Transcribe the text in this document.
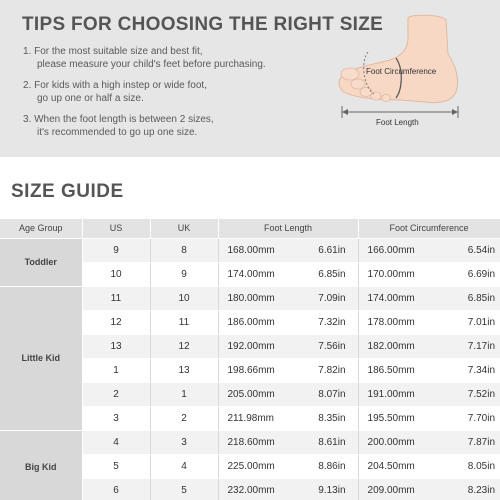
TIPS FOR CHOOSING THE RIGHT SIZE
1. For the most suitable size and best fit,
please measure your child's feet before purchasing.
2. For kids with a high instep or wide foot,
go up one or half a size.
3. When the foot length is between 2 sizes,
it's recommended to go up one size.
Foot Circumference
Foot Length
SIZE GUIDE
Age Group	US	UK	Foot Length		Foot Circumference	
Toddler	9	8	168.00mm	6.61in	166.00mm	6.54in
	10	9	174.00mm	6.85in	170.00mm	6.69in
Little Kid	11	10	180.00mm	7.09in	174.00mm	6.85in
	12	11	186.00mm	7.32in	178.00mm	7.01in
	13	12	192.00mm	7.56in	182.00mm	7.17in
	1	13	198.66mm	7.82in	186.50mm	7.34in
	2	1	205.00mm	8.07in	191.00mm	7.52in
	3	2	211.98mm	8.35in	195.50mm	7.70in
Big Kid	4	3	218.60mm	8.61in	200.00mm	7.87in
	5	4	225.00mm	8.86in	204.50mm	8.05in
	6	5	232.00mm	9.13in	209.00mm	8.23in
